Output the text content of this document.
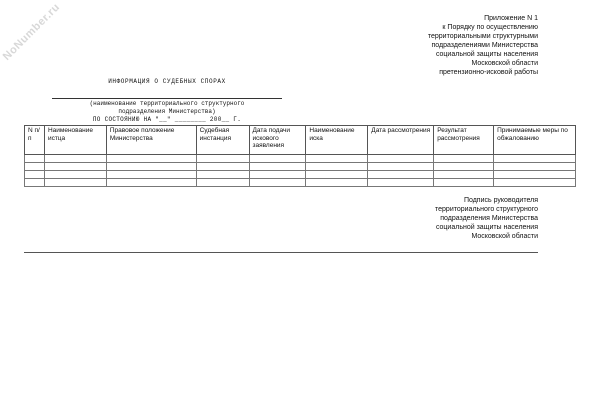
NoNumber.ru	Приложение N 1
к Порядку по осуществлению
территориальными структурными
подразделениями Министерства
социальной защиты населения
Московской области
претензионно-исковой работы
ИНФОРМАЦИЯ О СУДЕБНЫХ СПОРАХ
(наименование территориального структурного
подразделения Министерства)
ПО СОСТОЯНИЮ НА "__" ________ 200__ Г.
N п/п	Наименование истца	Правовое положение Министерства	Судебная инстанция	Дата подачи искового заявления	Наименование иска	Дата рассмотрения	Результат рассмотрения	Принимаемые меры по обжалованию

Подпись руководителя
территориального структурного
подразделения Министерства
социальной защиты населения
Московской области
